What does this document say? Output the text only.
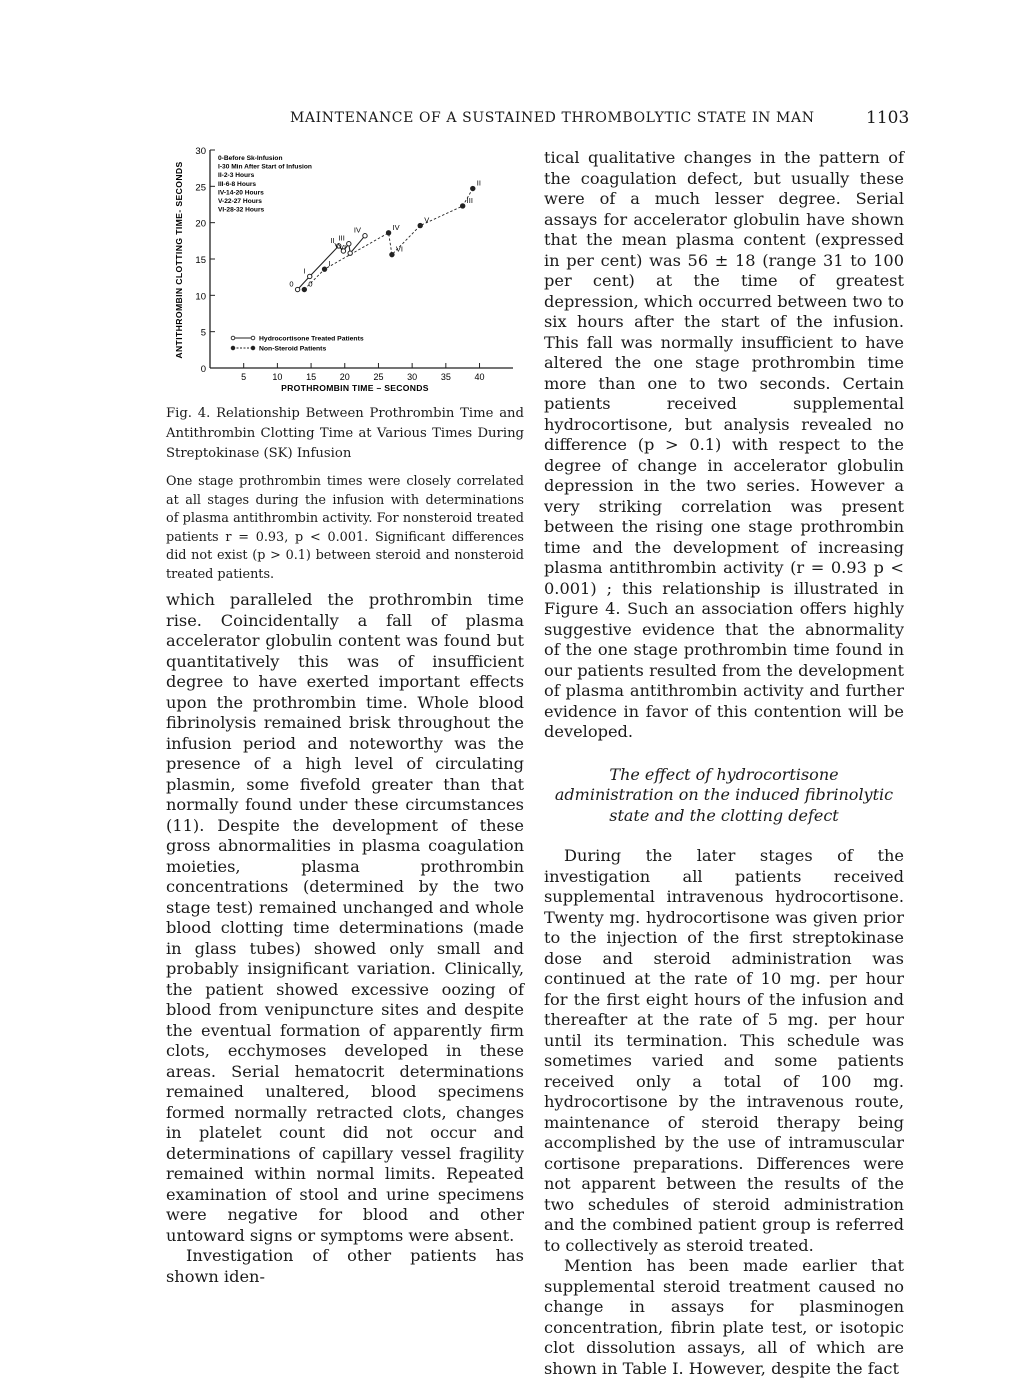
MAINTENANCE OF A SUSTAINED THROMBOLYTIC STATE IN MAN	1103
0
5
10
15
20
25
30
5	10	15	20	25	30	35	40
0
I
II III
IV
V VI
0
I
II
III
IV
V
VI
0-Before Sk-Infusion
I-30 Min After Start of Infusion
II-2-3 Hours
III-6-8 Hours
IV-14-20 Hours
V-22-27 Hours
VI-28-32 Hours
Hydrocortisone Treated Patients
Non-Steroid Patients
PROTHROMBIN TIME – SECONDS
ANTITHROMBIN CLOTTING TIME- SECONDS

Fig. 4. Relationship Between Prothrombin Time and Antithrombin Clotting Time at Various Times During Streptokinase (SK) Infusion

One stage prothrombin times were closely correlated at all stages during the infusion with determinations of plasma antithrombin activity. For nonsteroid treated patients r = 0.93, p < 0.001. Significant differences did not exist (p > 0.1) between steroid and nonsteroid treated patients.

which paralleled the prothrombin time rise. Coincidentally a fall of plasma accelerator globulin content was found but quantitatively this was of insufficient degree to have exerted important effects upon the prothrombin time. Whole blood fibrinolysis remained brisk throughout the infusion period and noteworthy was the presence of a high level of circulating plasmin, some fivefold greater than that normally found under these circumstances (11). Despite the development of these gross abnormalities in plasma coagulation moieties, plasma prothrombin concentrations (determined by the two stage test) remained unchanged and whole blood clotting time determinations (made in glass tubes) showed only small and probably insignificant variation. Clinically, the patient showed excessive oozing of blood from venipuncture sites and despite the eventual formation of apparently firm clots, ecchymoses developed in these areas. Serial hematocrit determinations remained unaltered, blood specimens formed normally retracted clots, changes in platelet count did not occur and determinations of capillary vessel fragility remained within normal limits. Repeated examination of stool and urine specimens were negative for blood and other untoward signs or symptoms were absent.

Investigation of other patients has shown iden-

tical qualitative changes in the pattern of the coagulation defect, but usually these were of a much lesser degree. Serial assays for accelerator globulin have shown that the mean plasma content (expressed in per cent) was 56 ± 18 (range 31 to 100 per cent) at the time of greatest depression, which occurred between two to six hours after the start of the infusion. This fall was normally insufficient to have altered the one stage prothrombin time more than one to two seconds. Certain patients received supplemental hydrocortisone, but analysis revealed no difference (p > 0.1) with respect to the degree of change in accelerator globulin depression in the two series. However a very striking correlation was present between the rising one stage prothrombin time and the development of increasing plasma antithrombin activity (r = 0.93 p < 0.001) ; this relationship is illustrated in Figure 4. Such an association offers highly suggestive evidence that the abnormality of the one stage prothrombin time found in our patients resulted from the development of plasma antithrombin activity and further evidence in favor of this contention will be developed.

The effect of hydrocortisone administration on the induced fibrinolytic state and the clotting defect

During the later stages of the investigation all patients received supplemental intravenous hydrocortisone. Twenty mg. hydrocortisone was given prior to the injection of the first streptokinase dose and steroid administration was continued at the rate of 10 mg. per hour for the first eight hours of the infusion and thereafter at the rate of 5 mg. per hour until its termination. This schedule was sometimes varied and some patients received only a total of 100 mg. hydrocortisone by the intravenous route, maintenance of steroid therapy being accomplished by the use of intramuscular cortisone preparations. Differences were not apparent between the results of the two schedules of steroid administration and the combined patient group is referred to collectively as steroid treated.

Mention has been made earlier that supplemental steroid treatment caused no change in assays for plasminogen concentration, fibrin plate test, or isotopic clot dissolution assays, all of which are shown in Table I. However, despite the fact
